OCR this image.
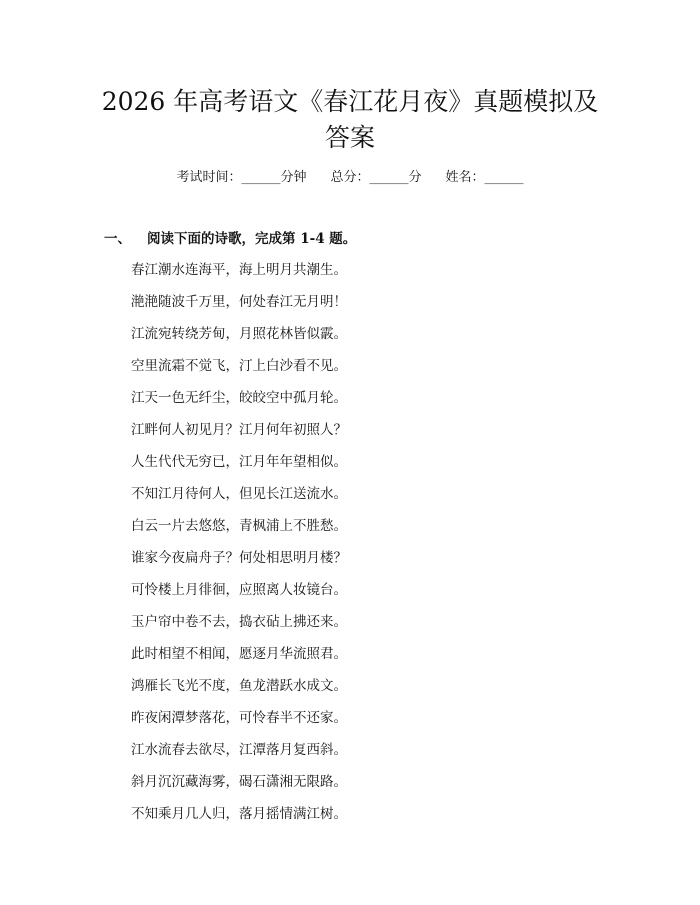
2026 年高考语文《春江花月夜》真题模拟及
答案
考试时间：______分钟 总分：______分 姓名：______
一、 阅读下面的诗歌，完成第 1-4 题。
春江潮水连海平，海上明月共潮生。
滟滟随波千万里，何处春江无月明！
江流宛转绕芳甸，月照花林皆似霰。
空里流霜不觉飞，汀上白沙看不见。
江天一色无纤尘，皎皎空中孤月轮。
江畔何人初见月？江月何年初照人？
人生代代无穷已，江月年年望相似。
不知江月待何人，但见长江送流水。
白云一片去悠悠，青枫浦上不胜愁。
谁家今夜扁舟子？何处相思明月楼？
可怜楼上月徘徊，应照离人妆镜台。
玉户帘中卷不去，捣衣砧上拂还来。
此时相望不相闻，愿逐月华流照君。
鸿雁长飞光不度，鱼龙潜跃水成文。
昨夜闲潭梦落花，可怜春半不还家。
江水流春去欲尽，江潭落月复西斜。
斜月沉沉藏海雾，碣石潇湘无限路。
不知乘月几人归，落月摇情满江树。
